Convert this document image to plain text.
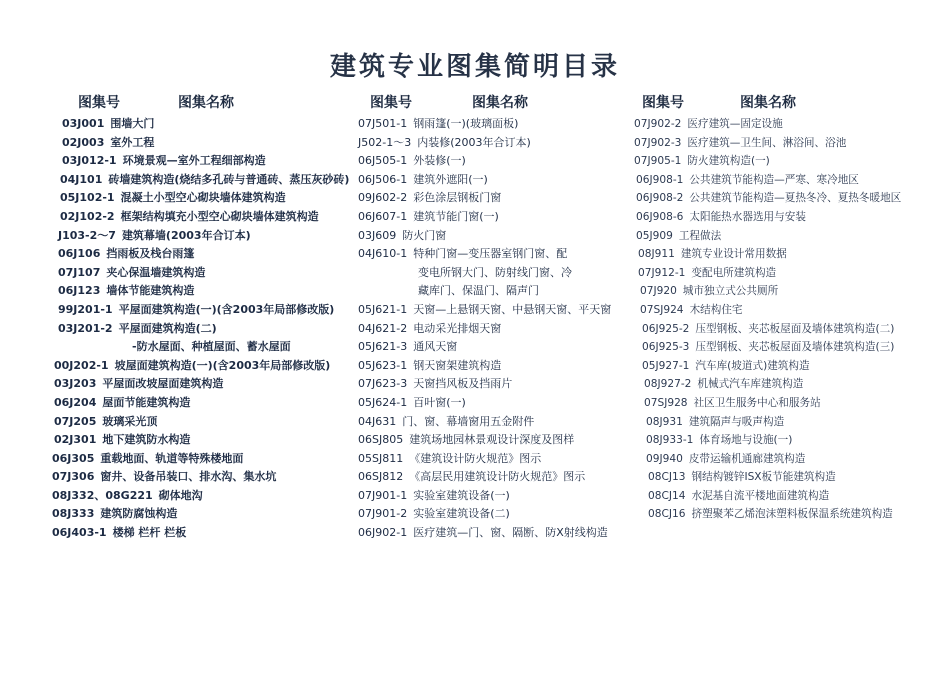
建筑专业图集简明目录
图集号	图集名称
03J001 围墙大门
02J003 室外工程
03J012-1 环境景观—室外工程细部构造
04J101 砖墙建筑构造(烧结多孔砖与普通砖、蒸压灰砂砖)
05J102-1 混凝土小型空心砌块墙体建筑构造
02J102-2 框架结构填充小型空心砌块墙体建筑构造
J103-2～7 建筑幕墙(2003年合订本)
06J106 挡雨板及栈台雨篷
07J107 夹心保温墙建筑构造
06J123 墙体节能建筑构造
99J201-1 平屋面建筑构造(一)(含2003年局部修改版)
03J201-2 平屋面建筑构造(二)
-防水屋面、种植屋面、蓄水屋面
00J202-1 坡屋面建筑构造(一)(含2003年局部修改版)
03J203 平屋面改坡屋面建筑构造
06J204 屋面节能建筑构造
07J205 玻璃采光顶
02J301 地下建筑防水构造
06J305 重载地面、轨道等特殊楼地面
07J306 窗井、设备吊装口、排水沟、集水坑
08J332、08G221 砌体地沟
08J333 建筑防腐蚀构造
06J403-1 楼梯 栏杆 栏板
图集号	图集名称
07J501-1 钢雨篷(一)(玻璃面板)
J502-1～3 内装修(2003年合订本)
06J505-1 外装修(一)
06J506-1 建筑外遮阳(一)
09J602-2 彩色涂层钢板门窗
06J607-1 建筑节能门窗(一)
03J609 防火门窗
04J610-1 特种门窗—变压器室钢门窗、配
变电所钢大门、防射线门窗、冷
藏库门、保温门、隔声门
05J621-1 天窗—上悬钢天窗、中悬钢天窗、平天窗
04J621-2 电动采光排烟天窗
05J621-3 通风天窗
05J623-1 钢天窗架建筑构造
07J623-3 天窗挡风板及挡雨片
05J624-1 百叶窗(一)
04J631 门、窗、幕墙窗用五金附件
06SJ805 建筑场地园林景观设计深度及图样
05SJ811 《建筑设计防火规范》图示
06SJ812 《高层民用建筑设计防火规范》图示
07J901-1 实验室建筑设备(一)
07J901-2 实验室建筑设备(二)
06J902-1 医疗建筑—门、窗、隔断、防X射线构造
图集号	图集名称
07J902-2 医疗建筑—固定设施
07J902-3 医疗建筑—卫生间、淋浴间、浴池
07J905-1 防火建筑构造(一)
06J908-1 公共建筑节能构造—严寒、寒冷地区
06J908-2 公共建筑节能构造—夏热冬冷、夏热冬暖地区
06J908-6 太阳能热水器选用与安装
05J909 工程做法
08J911 建筑专业设计常用数据
07J912-1 变配电所建筑构造
07J920 城市独立式公共厕所
07SJ924 木结构住宅
06J925-2 压型钢板、夹芯板屋面及墙体建筑构造(二)
06J925-3 压型钢板、夹芯板屋面及墙体建筑构造(三)
05J927-1 汽车库(坡道式)建筑构造
08J927-2 机械式汽车库建筑构造
07SJ928 社区卫生服务中心和服务站
08J931 建筑隔声与吸声构造
08J933-1 体育场地与设施(一)
09J940 皮带运输机通廊建筑构造
08CJ13 钢结构镀锌ISX板节能建筑构造
08CJ14 水泥基自流平楼地面建筑构造
08CJ16 挤塑聚苯乙烯泡沫塑料板保温系统建筑构造
